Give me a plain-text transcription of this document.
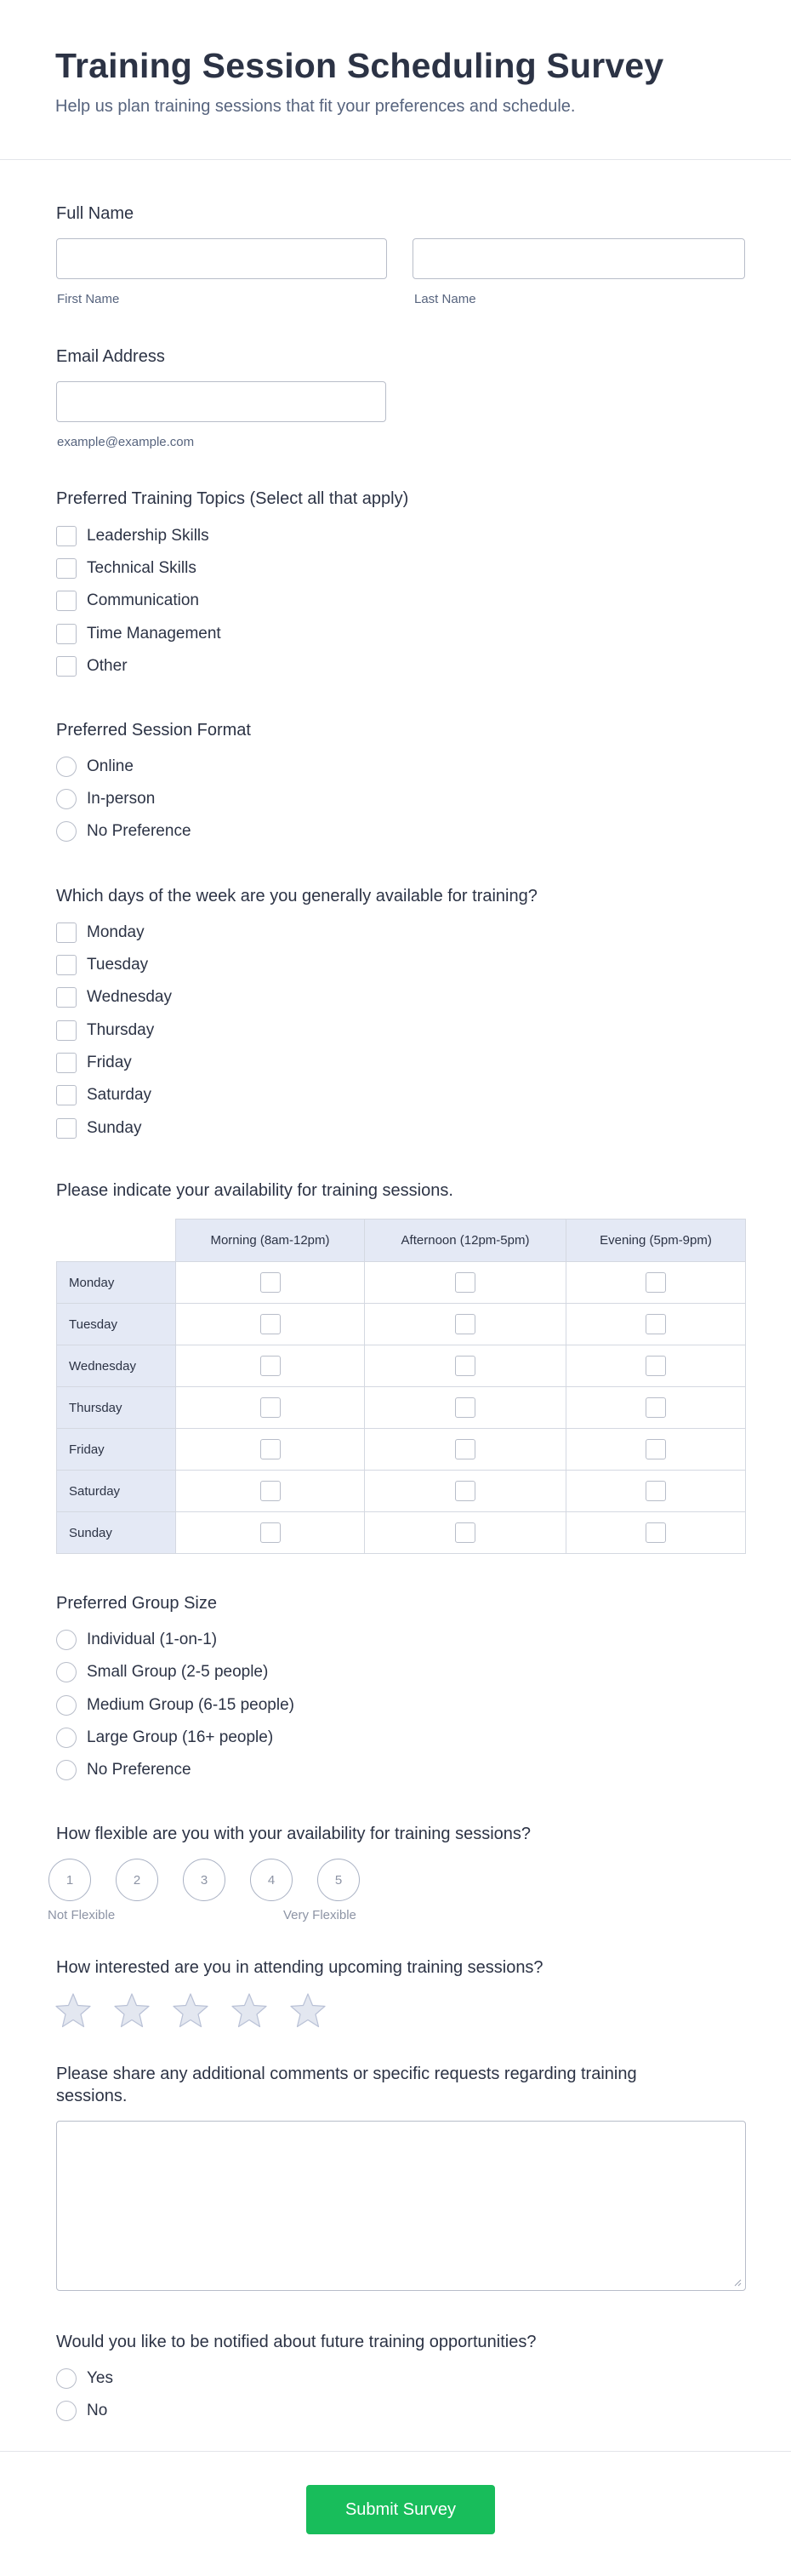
Training Session Scheduling Survey

Help us plan training sessions that fit your preferences and schedule.

Full Name
First Name	Last Name
Email Address
example@example.com
Preferred Training Topics (Select all that apply)
Leadership Skills
Technical Skills
Communication
Time Management
Other
Preferred Session Format
Online
In-person
No Preference
Which days of the week are you generally available for training?
Monday
Tuesday
Wednesday
Thursday
Friday
Saturday
Sunday
Please indicate your availability for training sessions.
	Morning (8am-12pm)	Afternoon (12pm-5pm)	Evening (5pm-9pm)
Monday			
Tuesday			
Wednesday			
Thursday			
Friday			
Saturday			
Sunday			
Preferred Group Size
Individual (1-on-1)
Small Group (2-5 people)
Medium Group (6-15 people)
Large Group (16+ people)
No Preference
How flexible are you with your availability for training sessions?
1	2	3	4	5
Not Flexible	Very Flexible
How interested are you in attending upcoming training sessions?
Please share any additional comments or specific requests regarding training sessions.
Would you like to be notified about future training opportunities?
Yes
No
Submit Survey
